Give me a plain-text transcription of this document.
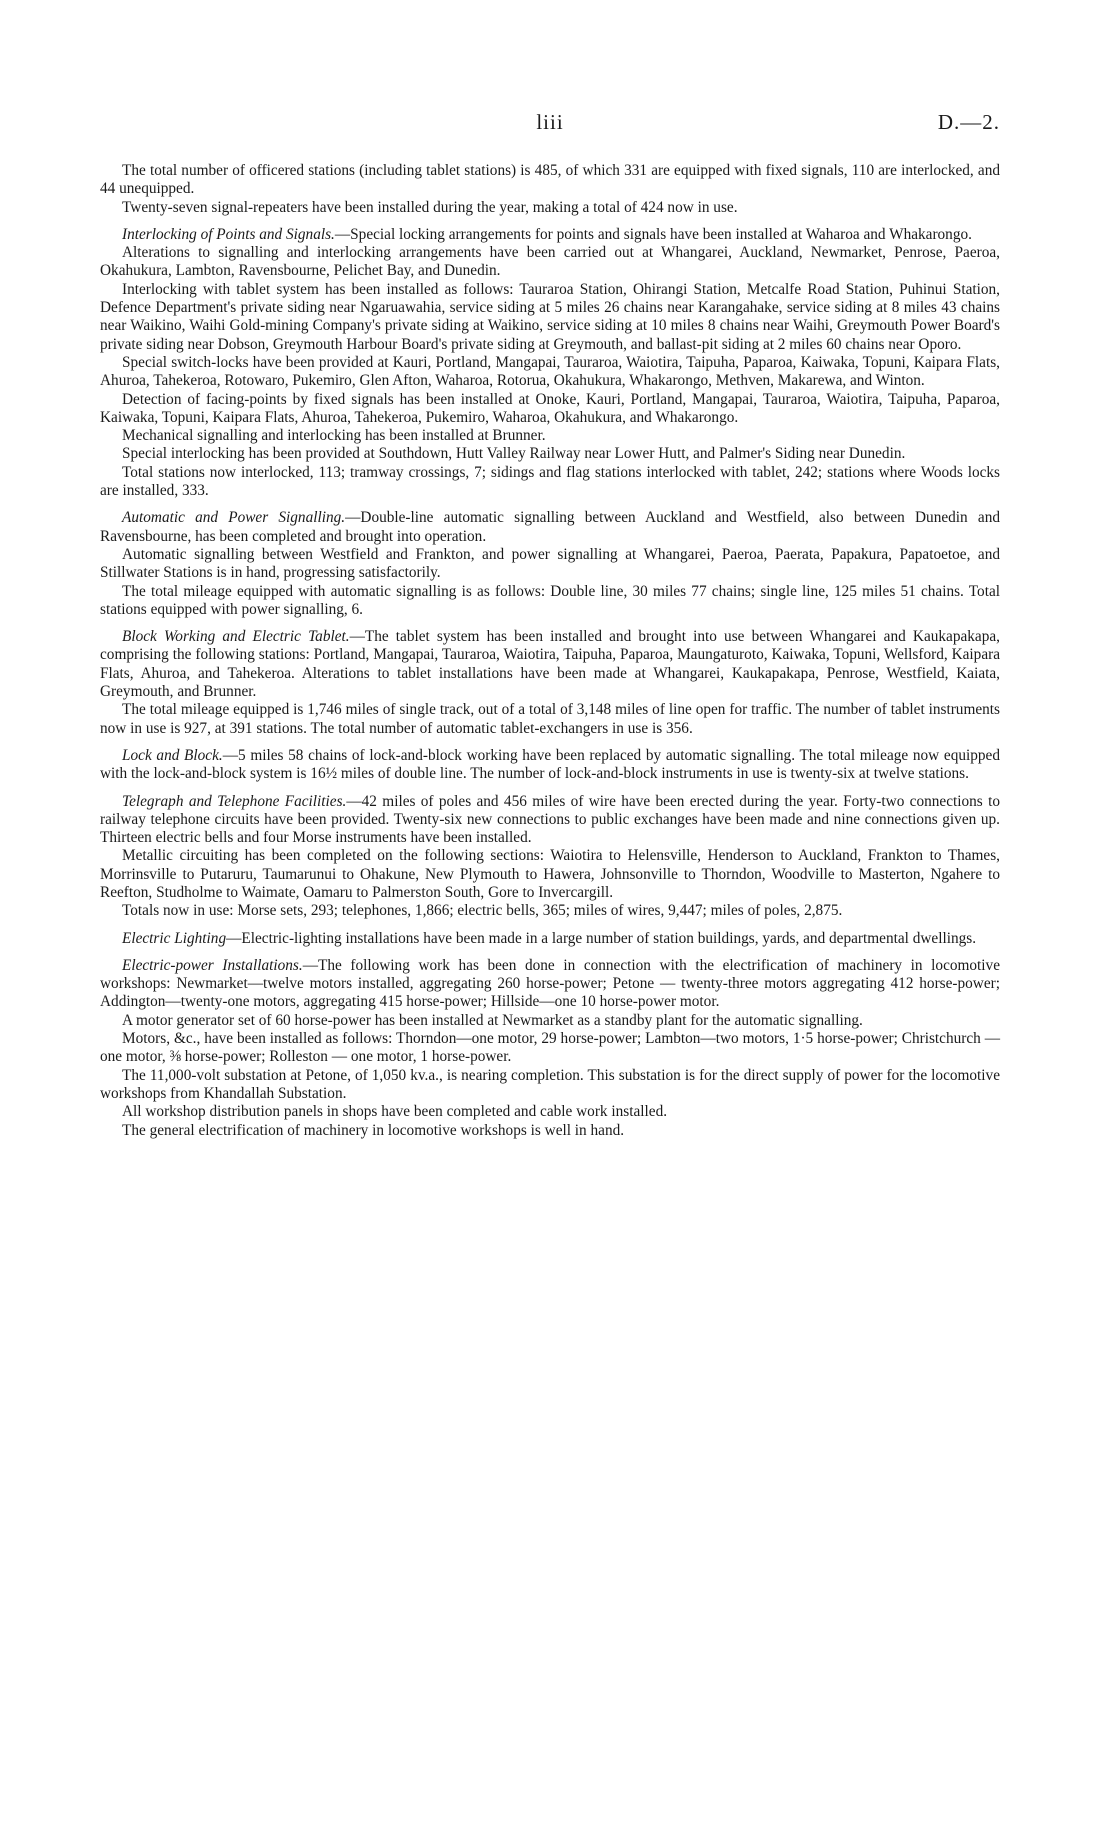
liii	D.—2.

The total number of officered stations (including tablet stations) is 485, of which 331 are equipped with fixed signals, 110 are interlocked, and 44 unequipped.

Twenty-seven signal-repeaters have been installed during the year, making a total of 424 now in use.

Interlocking of Points and Signals.—Special locking arrangements for points and signals have been installed at Waharoa and Whakarongo.

Alterations to signalling and interlocking arrangements have been carried out at Whangarei, Auckland, Newmarket, Penrose, Paeroa, Okahukura, Lambton, Ravensbourne, Pelichet Bay, and Dunedin.

Interlocking with tablet system has been installed as follows: Tauraroa Station, Ohirangi Station, Metcalfe Road Station, Puhinui Station, Defence Department's private siding near Ngaruawahia, service siding at 5 miles 26 chains near Karangahake, service siding at 8 miles 43 chains near Waikino, Waihi Gold-mining Company's private siding at Waikino, service siding at 10 miles 8 chains near Waihi, Greymouth Power Board's private siding near Dobson, Greymouth Harbour Board's private siding at Greymouth, and ballast-pit siding at 2 miles 60 chains near Oporo.

Special switch-locks have been provided at Kauri, Portland, Mangapai, Tauraroa, Waiotira, Taipuha, Paparoa, Kaiwaka, Topuni, Kaipara Flats, Ahuroa, Tahekeroa, Rotowaro, Pukemiro, Glen Afton, Waharoa, Rotorua, Okahukura, Whakarongo, Methven, Makarewa, and Winton.

Detection of facing-points by fixed signals has been installed at Onoke, Kauri, Portland, Mangapai, Tauraroa, Waiotira, Taipuha, Paparoa, Kaiwaka, Topuni, Kaipara Flats, Ahuroa, Tahekeroa, Pukemiro, Waharoa, Okahukura, and Whakarongo.

Mechanical signalling and interlocking has been installed at Brunner.

Special interlocking has been provided at Southdown, Hutt Valley Railway near Lower Hutt, and Palmer's Siding near Dunedin.

Total stations now interlocked, 113; tramway crossings, 7; sidings and flag stations interlocked with tablet, 242; stations where Woods locks are installed, 333.

Automatic and Power Signalling.—Double-line automatic signalling between Auckland and Westfield, also between Dunedin and Ravensbourne, has been completed and brought into operation.

Automatic signalling between Westfield and Frankton, and power signalling at Whangarei, Paeroa, Paerata, Papakura, Papatoetoe, and Stillwater Stations is in hand, progressing satisfactorily.

The total mileage equipped with automatic signalling is as follows: Double line, 30 miles 77 chains; single line, 125 miles 51 chains. Total stations equipped with power signalling, 6.

Block Working and Electric Tablet.—The tablet system has been installed and brought into use between Whangarei and Kaukapakapa, comprising the following stations: Portland, Mangapai, Tauraroa, Waiotira, Taipuha, Paparoa, Maungaturoto, Kaiwaka, Topuni, Wellsford, Kaipara Flats, Ahuroa, and Tahekeroa. Alterations to tablet installations have been made at Whangarei, Kaukapakapa, Penrose, Westfield, Kaiata, Greymouth, and Brunner.

The total mileage equipped is 1,746 miles of single track, out of a total of 3,148 miles of line open for traffic. The number of tablet instruments now in use is 927, at 391 stations. The total number of automatic tablet-exchangers in use is 356.

Lock and Block.—5 miles 58 chains of lock-and-block working have been replaced by automatic signalling. The total mileage now equipped with the lock-and-block system is 16½ miles of double line. The number of lock-and-block instruments in use is twenty-six at twelve stations.

Telegraph and Telephone Facilities.—42 miles of poles and 456 miles of wire have been erected during the year. Forty-two connections to railway telephone circuits have been provided. Twenty-six new connections to public exchanges have been made and nine connections given up. Thirteen electric bells and four Morse instruments have been installed.

Metallic circuiting has been completed on the following sections: Waiotira to Helensville, Henderson to Auckland, Frankton to Thames, Morrinsville to Putaruru, Taumarunui to Ohakune, New Plymouth to Hawera, Johnsonville to Thorndon, Woodville to Masterton, Ngahere to Reefton, Studholme to Waimate, Oamaru to Palmerston South, Gore to Invercargill.

Totals now in use: Morse sets, 293; telephones, 1,866; electric bells, 365; miles of wires, 9,447; miles of poles, 2,875.

Electric Lighting—Electric-lighting installations have been made in a large number of station buildings, yards, and departmental dwellings.

Electric-power Installations.—The following work has been done in connection with the electrification of machinery in locomotive workshops: Newmarket—twelve motors installed, aggregating 260 horse-power; Petone — twenty-three motors aggregating 412 horse-power; Addington—twenty-one motors, aggregating 415 horse-power; Hillside—one 10 horse-power motor.

A motor generator set of 60 horse-power has been installed at Newmarket as a standby plant for the automatic signalling.

Motors, &c., have been installed as follows: Thorndon—one motor, 29 horse-power; Lambton—two motors, 1·5 horse-power; Christchurch — one motor, ⅜ horse-power; Rolleston — one motor, 1 horse-power.

The 11,000-volt substation at Petone, of 1,050 kv.a., is nearing completion. This substation is for the direct supply of power for the locomotive workshops from Khandallah Substation.

All workshop distribution panels in shops have been completed and cable work installed.

The general electrification of machinery in locomotive workshops is well in hand.
